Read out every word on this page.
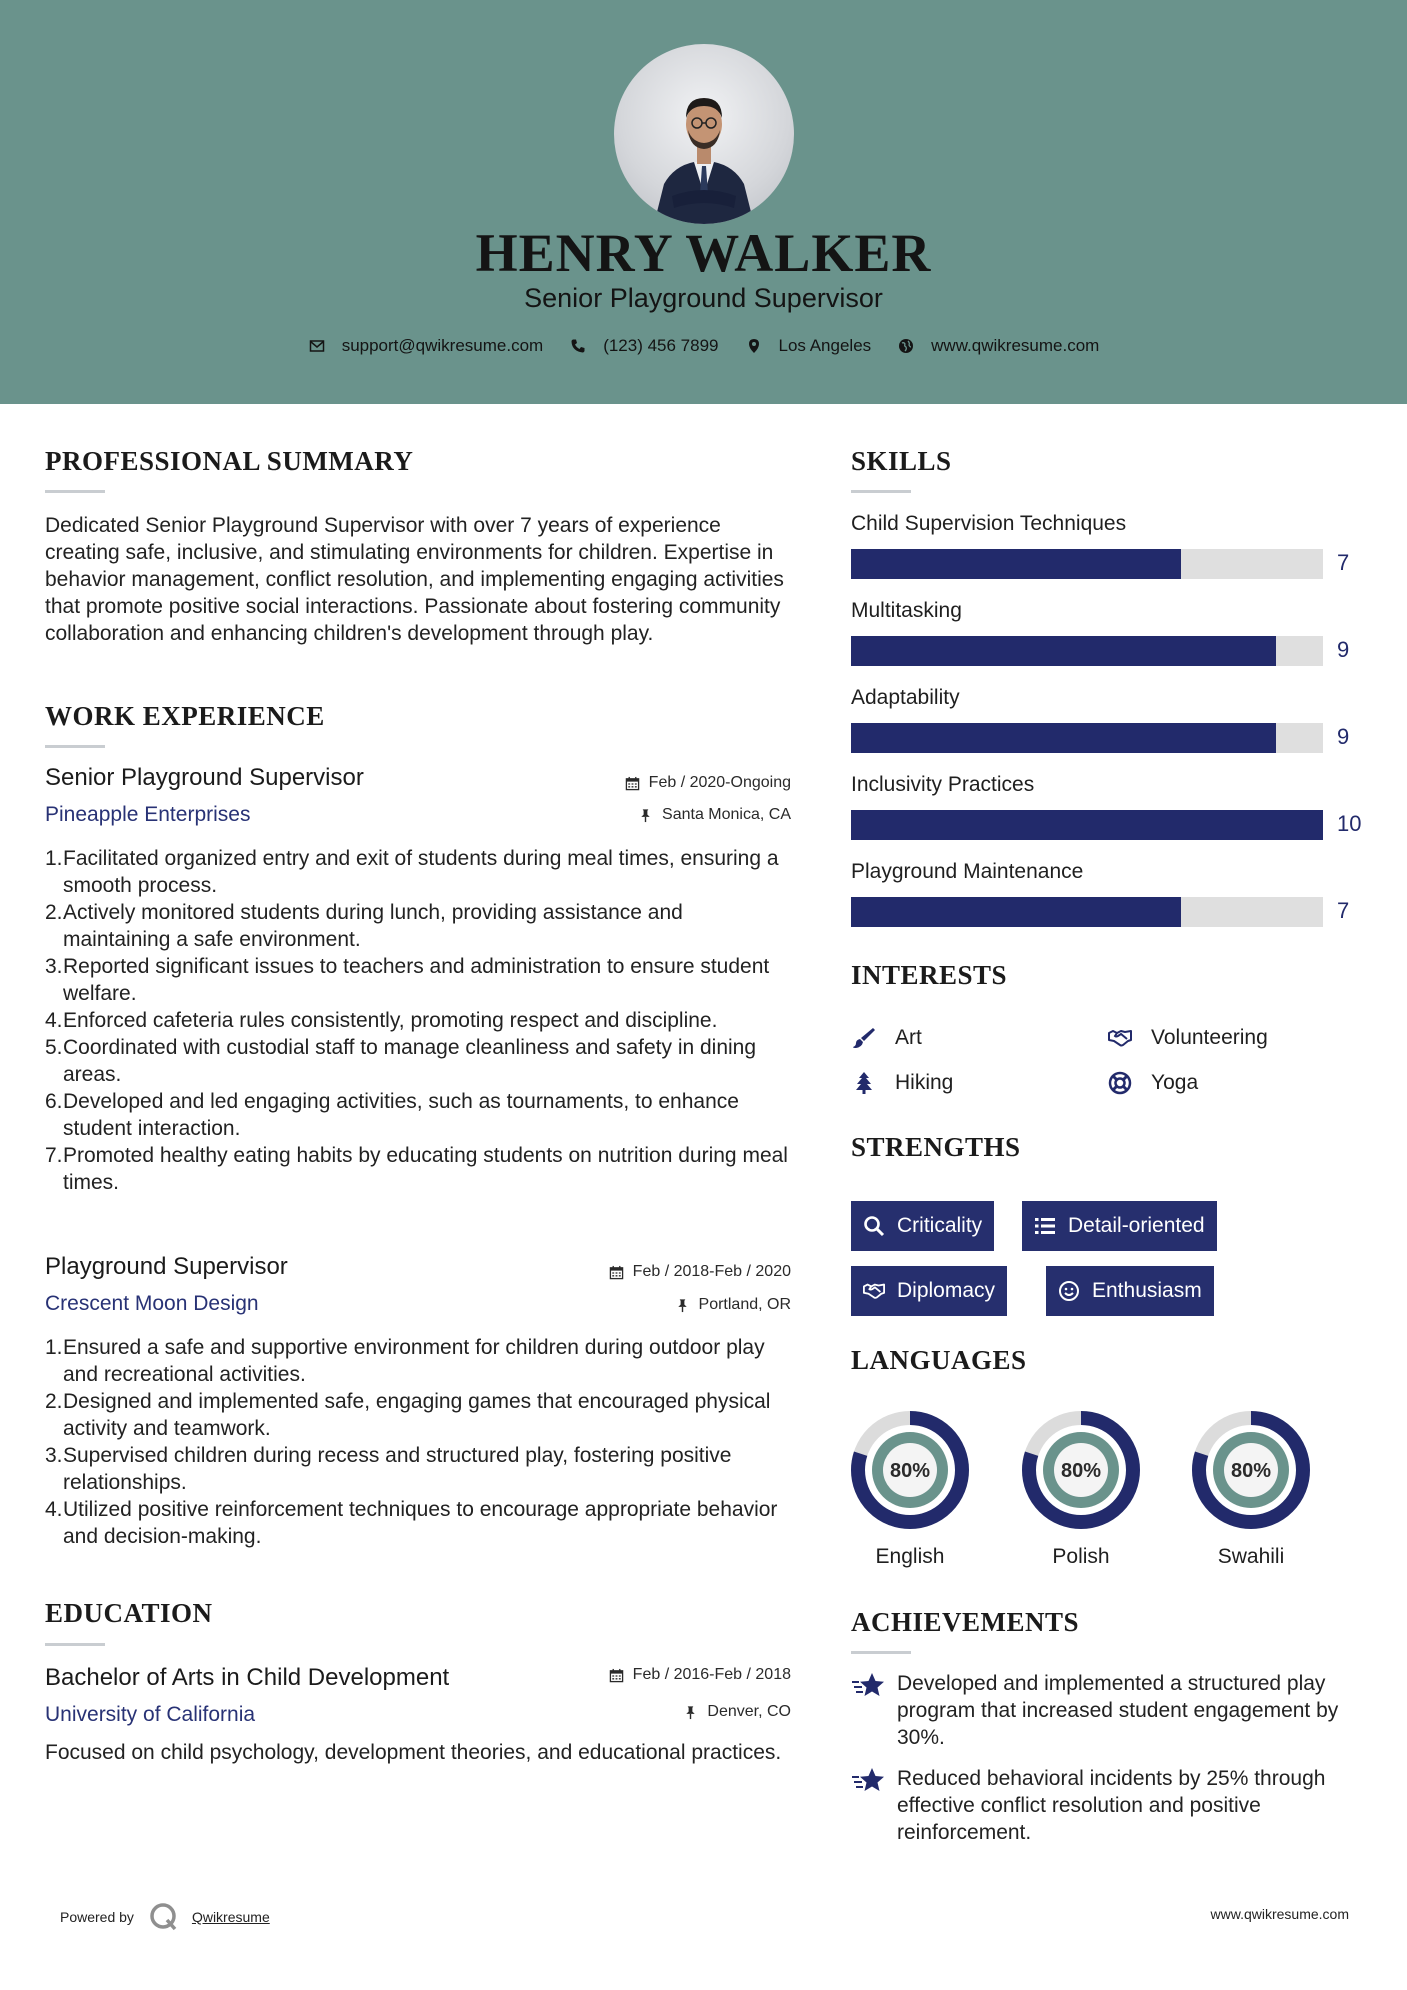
HENRY WALKER
Senior Playground Supervisor
support@qwikresume.com	(123) 456 7899	Los Angeles	www.qwikresume.com
PROFESSIONAL SUMMARY
Dedicated Senior Playground Supervisor with over 7 years of experience creating safe, inclusive, and stimulating environments for children. Expertise in behavior management, conflict resolution, and implementing engaging activities that promote positive social interactions. Passionate about fostering community collaboration and enhancing children's development through play.
WORK EXPERIENCE
Senior Playground Supervisor	Feb / 2020-Ongoing
Pineapple Enterprises	Santa Monica, CA
1. Facilitated organized entry and exit of students during meal times, ensuring a smooth process.
2. Actively monitored students during lunch, providing assistance and maintaining a safe environment.
3. Reported significant issues to teachers and administration to ensure student welfare.
4. Enforced cafeteria rules consistently, promoting respect and discipline.
5. Coordinated with custodial staff to manage cleanliness and safety in dining areas.
6. Developed and led engaging activities, such as tournaments, to enhance student interaction.
7. Promoted healthy eating habits by educating students on nutrition during meal times.
Playground Supervisor	Feb / 2018-Feb / 2020
Crescent Moon Design	Portland, OR
1. Ensured a safe and supportive environment for children during outdoor play and recreational activities.
2. Designed and implemented safe, engaging games that encouraged physical activity and teamwork.
3. Supervised children during recess and structured play, fostering positive relationships.
4. Utilized positive reinforcement techniques to encourage appropriate behavior and decision-making.
EDUCATION
Bachelor of Arts in Child Development	Feb / 2016-Feb / 2018
University of California	Denver, CO
Focused on child psychology, development theories, and educational practices.
SKILLS
Child Supervision Techniques
7
Multitasking
9
Adaptability
9
Inclusivity Practices
10
Playground Maintenance
7
INTERESTS
Art	Volunteering
Hiking	Yoga
STRENGTHS
Criticality	Detail-oriented
Diplomacy	Enthusiasm
LANGUAGES
80%
English
80%
Polish
80%
Swahili
ACHIEVEMENTS
Developed and implemented a structured play program that increased student engagement by 30%.
Reduced behavioral incidents by 25% through effective conflict resolution and positive reinforcement.
Powered by	Qwikresume	www.qwikresume.com
